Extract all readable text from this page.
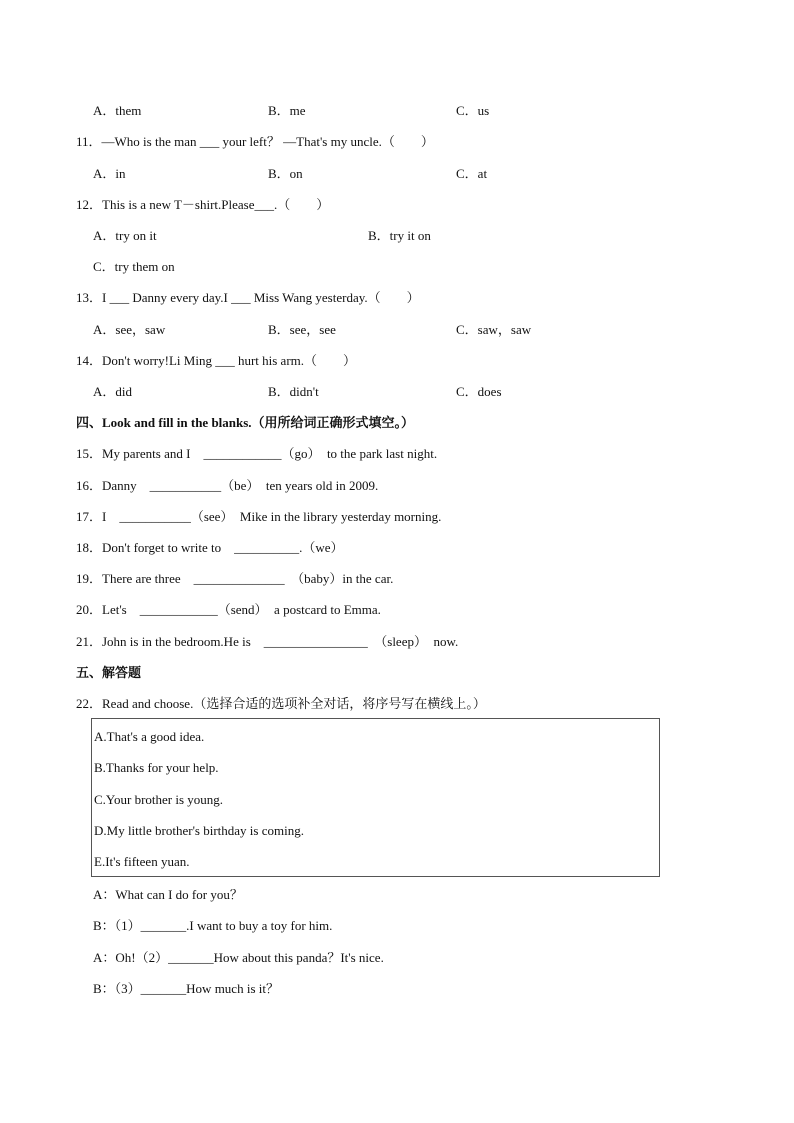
A．them	B．me	C．us
11．—Who is the man ___ your left？ —That's my uncle.（　　）
A．in	B．on	C．at
12．This is a new T－shirt.Please___.（　　）
A．try on it	B．try it on
C．try them on
13．I ___ Danny every day.I ___ Miss Wang yesterday.（　　）
A．see，saw	B．see，see	C．saw，saw
14．Don't worry!Li Ming ___ hurt his arm.（　　）
A．did	B．didn't	C．does
四、Look and fill in the blanks.（用所给词正确形式填空。）
15．My parents and I　____________（go）　to the park last night.
16．Danny　___________（be）　ten years old in 2009.
17．I　___________（see）　Mike in the library yesterday morning.
18．Don't forget to write to　__________.（we）
19．There are three　______________　（baby）in the car.
20．Let's　____________（send）　a postcard to Emma.
21．John is in the bedroom.He is　________________　（sleep）　now.
五、解答题
22．Read and choose.（选择合适的选项补全对话，将序号写在横线上。）
A.That's a good idea.
B.Thanks for your help.
C.Your brother is young.
D.My little brother's birthday is coming.
E.It's fifteen yuan.
A：What can I do for you？
B：（1）_______.I want to buy a toy for him.
A：Oh!（2）_______How about this panda？It's nice.
B：（3）_______How much is it？
